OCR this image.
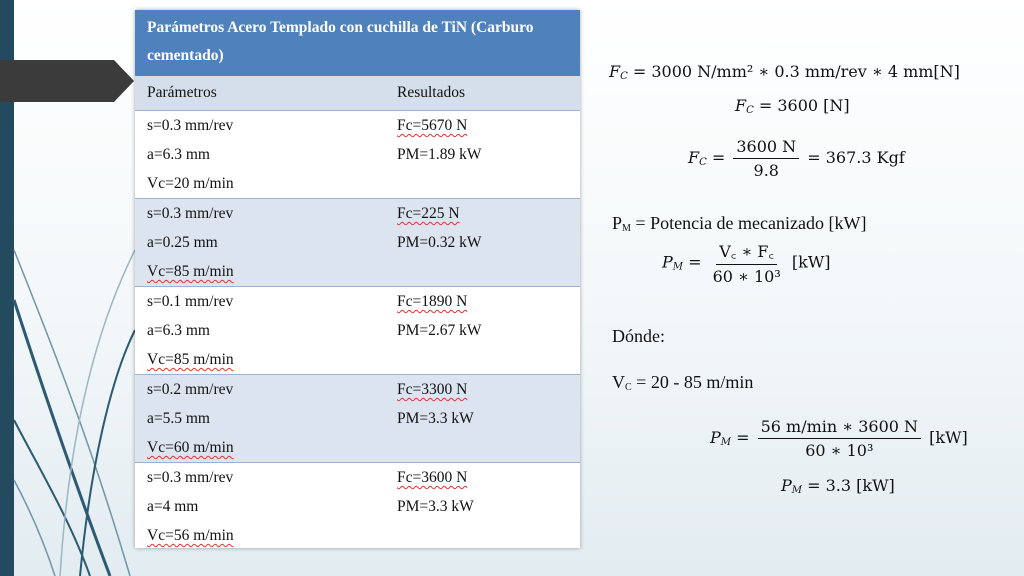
Parámetros Acero Templado con cuchilla de TiN (Carburo cementado)
Parámetros	Resultados
s=0.3 mm/rev
a=6.3 mm
Vc=20 m/min
Fc=5670 N
PM=1.89 kW
s=0.3 mm/rev
a=0.25 mm
Vc=85 m/min
Fc=225 N
PM=0.32 kW
s=0.1 mm/rev
a=6.3 mm
Vc=85 m/min
Fc=1890 N
PM=2.67 kW
s=0.2 mm/rev
a=5.5 mm
Vc=60 m/min
Fc=3300 N
PM=3.3 kW
s=0.3 mm/rev
a=4 mm
Vc=56 m/min
Fc=3600 N
PM=3.3 kW
$F_C = 3000$ N/mm² ∗ 0.3 mm/rev ∗ 4 mm[N]
$F_C = 3600$ [N]
$F_C = \frac{3600 N}{9.8} = 367.3$ Kgf
$P_M$ = Potencia de mecanizado [kW]
$P_M = \frac{V꜀ ∗ F꜀}{\text{60 ∗ 10³}} [kW]$
Dónde:
$V_C = 20 - 85$ m/min
$P_M = \frac{56 m/\min ∗ 3600 N}{\text{60 ∗ 10³}} [kW]$
$P_M = 3.3$ [kW]
